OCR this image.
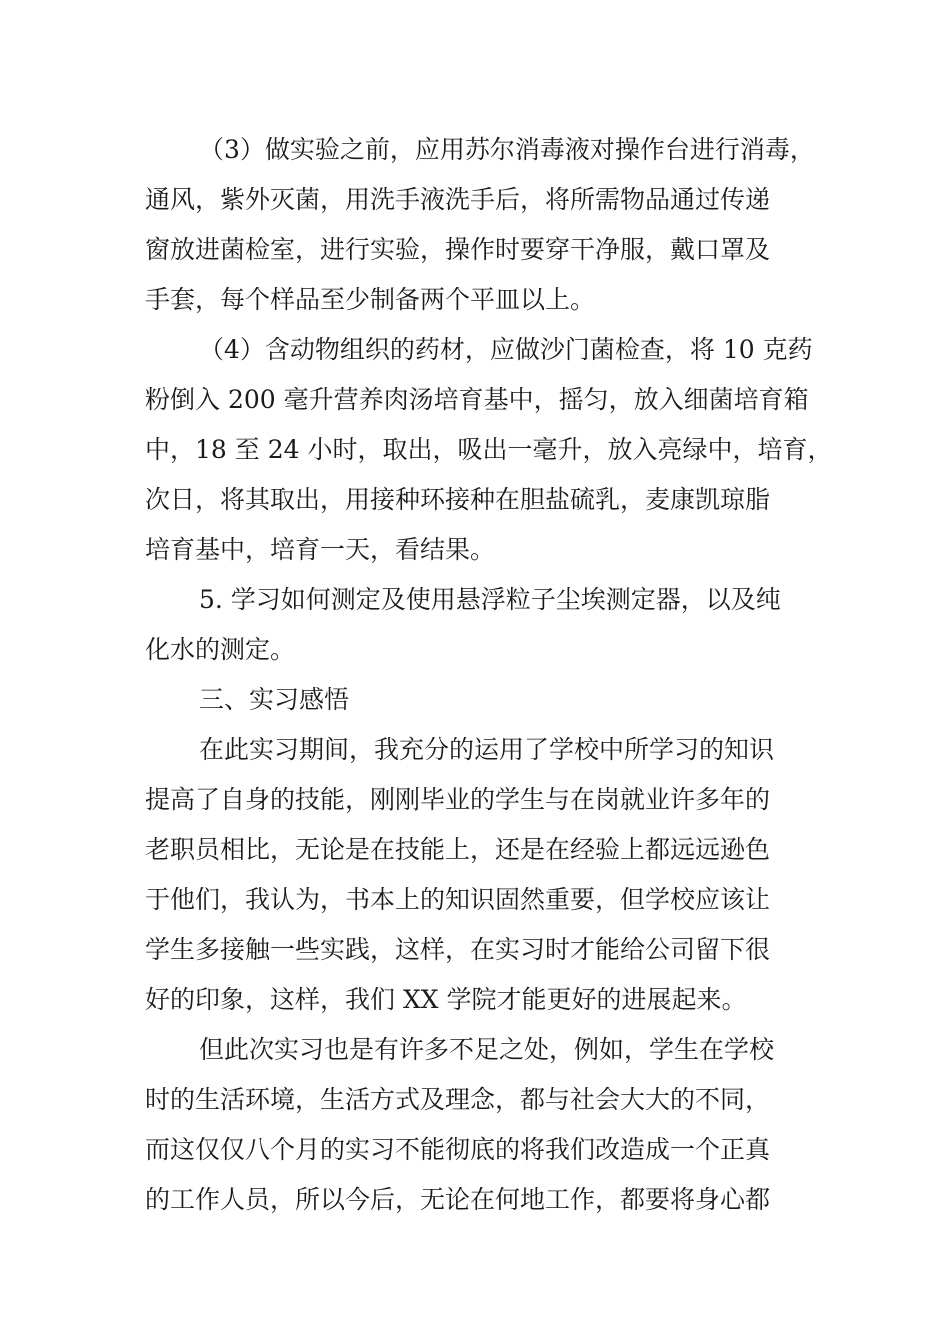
（3）做实验之前，应用苏尔消毒液对操作台进行消毒，

通风，紫外灭菌，用洗手液洗手后，将所需物品通过传递

窗放进菌检室，进行实验，操作时要穿干净服，戴口罩及

手套，每个样品至少制备两个平皿以上。

（4）含动物组织的药材，应做沙门菌检查，将 10 克药

粉倒入 200 毫升营养肉汤培育基中，摇匀，放入细菌培育箱

中，18 至 24 小时，取出，吸出一毫升，放入亮绿中，培育，

次日，将其取出，用接种环接种在胆盐硫乳，麦康凯琼脂

培育基中，培育一天，看结果。

5. 学习如何测定及使用悬浮粒子尘埃测定器，以及纯

化水的测定。

三、实习感悟

在此实习期间，我充分的运用了学校中所学习的知识

提高了自身的技能，刚刚毕业的学生与在岗就业许多年的

老职员相比，无论是在技能上，还是在经验上都远远逊色

于他们，我认为，书本上的知识固然重要，但学校应该让

学生多接触一些实践，这样，在实习时才能给公司留下很

好的印象，这样，我们 XX 学院才能更好的进展起来。

但此次实习也是有许多不足之处，例如，学生在学校

时的生活环境，生活方式及理念，都与社会大大的不同，

而这仅仅八个月的实习不能彻底的将我们改造成一个正真

的工作人员，所以今后，无论在何地工作，都要将身心都
